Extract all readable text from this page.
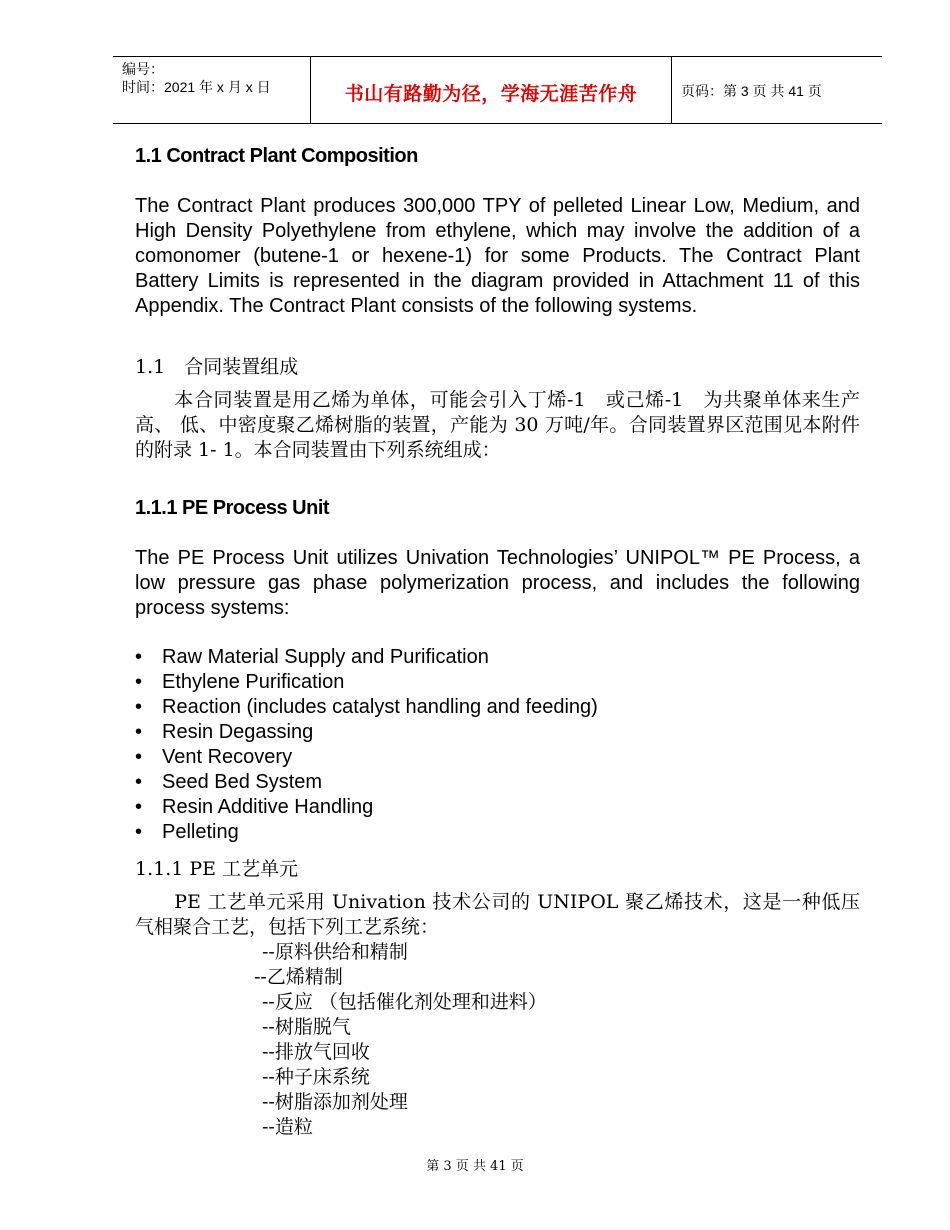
编号：
时间：2021 年 x 月 x 日	书山有路勤为径，学海无涯苦作舟	页码：第 3 页 共 41 页
1.1 Contract Plant Composition
The Contract Plant produces 300,000 TPY of pelleted Linear Low, Medium, and High Density Polyethylene from ethylene, which may involve the addition of a comonomer (butene-1 or hexene-1) for some Products. The Contract Plant Battery Limits is represented in the diagram provided in Attachment 11 of this Appendix. The Contract Plant consists of the following systems.
1.1　合同装置组成
　　本合同装置是用乙烯为单体，可能会引入丁烯-1　或己烯-1　为共聚单体来生产高、 低、中密度聚乙烯树脂的装置，产能为 30 万吨/年。合同装置界区范围见本附件的附录 1- 1。本合同装置由下列系统组成：
1.1.1 PE Process Unit
The PE Process Unit utilizes Univation Technologies’ UNIPOL™ PE Process, a low pressure gas phase polymerization process, and includes the following process systems:
• Raw Material Supply and Purification
• Ethylene Purification
• Reaction (includes catalyst handling and feeding)
• Resin Degassing
• Vent Recovery
• Seed Bed System
• Resin Additive Handling
• Pelleting
1.1.1 PE 工艺单元
　　PE 工艺单元采用 Univation 技术公司的 UNIPOL 聚乙烯技术，这是一种低压气相聚合工艺，包括下列工艺系统：
--原料供给和精制
--乙烯精制
--反应 （包括催化剂处理和进料）
--树脂脱气
--排放气回收
--种子床系统
--树脂添加剂处理
--造粒
第 3 页 共 41 页
